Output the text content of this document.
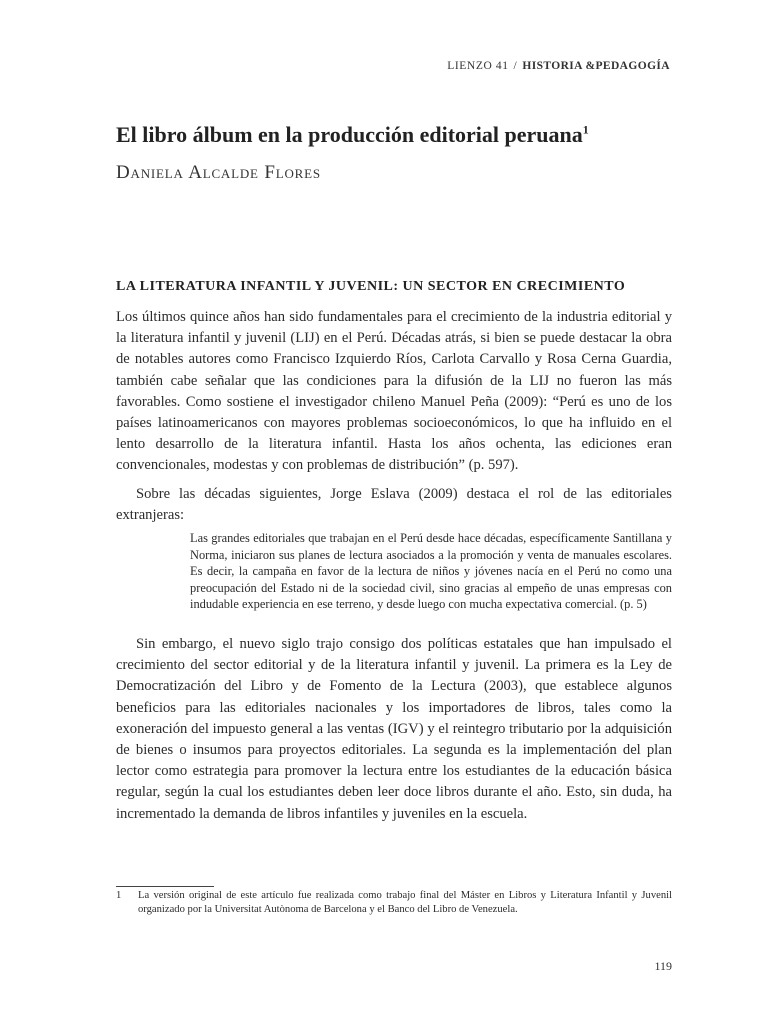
LIENZO 41 / HISTORIA &PEDAGOGÍA
El libro álbum en la producción editorial peruana$^1$
Daniela Alcalde Flores
LA LITERATURA INFANTIL Y JUVENIL: UN SECTOR EN CRECIMIENTO

Los últimos quince años han sido fundamentales para el crecimiento de la industria editorial y la literatura infantil y juvenil (LIJ) en el Perú. Décadas atrás, si bien se puede destacar la obra de notables autores como Francisco Izquierdo Ríos, Carlota Carvallo y Rosa Cerna Guardia, también cabe señalar que las condiciones para la difusión de la LIJ no fueron las más favorables. Como sostiene el investigador chileno Manuel Peña (2009): “Perú es uno de los países latinoamericanos con mayores problemas socioeconómicos, lo que ha influido en el lento desarrollo de la literatura infantil. Hasta los años ochenta, las ediciones eran convencionales, modestas y con problemas de distribución” (p. 597).

Sobre las décadas siguientes, Jorge Eslava (2009) destaca el rol de las editoriales extranjeras:

Las grandes editoriales que trabajan en el Perú desde hace décadas, específicamente Santillana y Norma, iniciaron sus planes de lectura asociados a la promoción y venta de manuales escolares. Es decir, la campaña en favor de la lectura de niños y jóvenes nacía en el Perú no como una preocupación del Estado ni de la sociedad civil, sino gracias al empeño de unas empresas con indudable experiencia en ese terreno, y desde luego con mucha expectativa comercial. (p. 5)

Sin embargo, el nuevo siglo trajo consigo dos políticas estatales que han impulsado el crecimiento del sector editorial y de la literatura infantil y juvenil. La primera es la Ley de Democratización del Libro y de Fomento de la Lectura (2003), que establece algunos beneficios para las editoriales nacionales y los importadores de libros, tales como la exoneración del impuesto general a las ventas (IGV) y el reintegro tributario por la adquisición de bienes o insumos para proyectos editoriales. La segunda es la implementación del plan lector como estrategia para promover la lectura entre los estudiantes de la educación básica regular, según la cual los estudiantes deben leer doce libros durante el año. Esto, sin duda, ha incrementado la demanda de libros infantiles y juveniles en la escuela.

1 La versión original de este artículo fue realizada como trabajo final del Máster en Libros y Literatura Infantil y Juvenil organizado por la Universitat Autònoma de Barcelona y el Banco del Libro de Venezuela.
119
